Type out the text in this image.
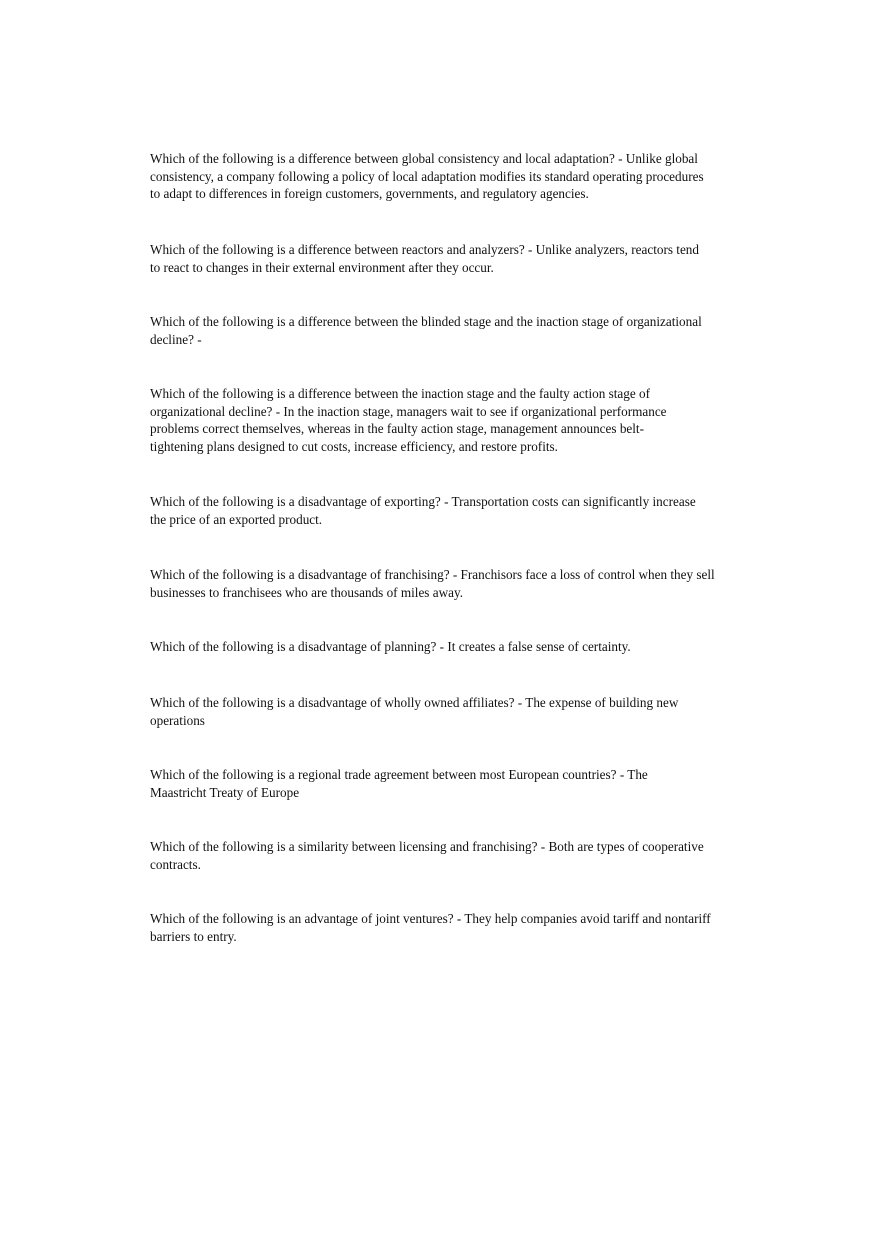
Which of the following is a difference between global consistency and local adaptation? - Unlike global
consistency, a company following a policy of local adaptation modifies its standard operating procedures
to adapt to differences in foreign customers, governments, and regulatory agencies.

Which of the following is a difference between reactors and analyzers? - Unlike analyzers, reactors tend
to react to changes in their external environment after they occur.

Which of the following is a difference between the blinded stage and the inaction stage of organizational
decline? -

Which of the following is a difference between the inaction stage and the faulty action stage of
organizational decline? - In the inaction stage, managers wait to see if organizational performance
problems correct themselves, whereas in the faulty action stage, management announces belt-
tightening plans designed to cut costs, increase efficiency, and restore profits.

Which of the following is a disadvantage of exporting? - Transportation costs can significantly increase
the price of an exported product.

Which of the following is a disadvantage of franchising? - Franchisors face a loss of control when they sell
businesses to franchisees who are thousands of miles away.

Which of the following is a disadvantage of planning? - It creates a false sense of certainty.

Which of the following is a disadvantage of wholly owned affiliates? - The expense of building new
operations

Which of the following is a regional trade agreement between most European countries? - The
Maastricht Treaty of Europe

Which of the following is a similarity between licensing and franchising? - Both are types of cooperative
contracts.

Which of the following is an advantage of joint ventures? - They help companies avoid tariff and nontariff
barriers to entry.
